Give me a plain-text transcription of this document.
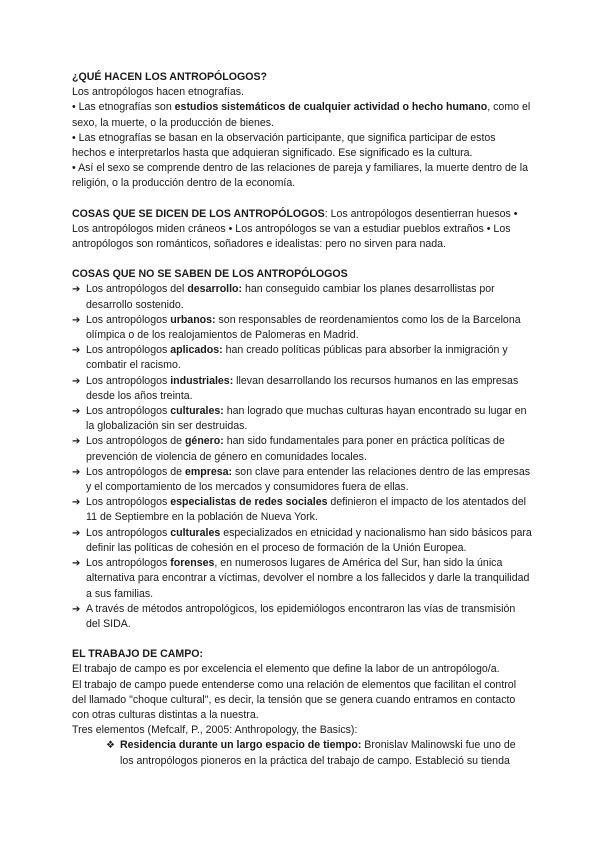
¿QUÉ HACEN LOS ANTROPÓLOGOS?

Los antropólogos hacen etnografías.

• Las etnografías son estudios sistemáticos de cualquier actividad o hecho humano, como el sexo, la muerte, o la producción de bienes.

• Las etnografías se basan en la observación participante, que significa participar de estos hechos e interpretarlos hasta que adquieran significado. Ese significado es la cultura.

• Así el sexo se comprende dentro de las relaciones de pareja y familiares, la muerte dentro de la religión, o la producción dentro de la economía.

COSAS QUE SE DICEN DE LOS ANTROPÓLOGOS: Los antropólogos desentierran huesos • Los antropólogos miden cráneos • Los antropólogos se van a estudiar pueblos extraños • Los antropólogos son románticos, soñadores e idealistas: pero no sirven para nada.

COSAS QUE NO SE SABEN DE LOS ANTROPÓLOGOS

➔ Los antropólogos del desarrollo: han conseguido cambiar los planes desarrollistas por desarrollo sostenido.
➔ Los antropólogos urbanos: son responsables de reordenamientos como los de la Barcelona olímpica o de los realojamientos de Palomeras en Madrid.
➔ Los antropólogos aplicados: han creado políticas públicas para absorber la inmigración y combatir el racismo.
➔ Los antropólogos industriales: llevan desarrollando los recursos humanos en las empresas desde los años treinta.
➔ Los antropólogos culturales: han logrado que muchas culturas hayan encontrado su lugar en la globalización sin ser destruidas.
➔ Los antropólogos de género: han sido fundamentales para poner en práctica políticas de prevención de violencia de género en comunidades locales.
➔ Los antropólogos de empresa: son clave para entender las relaciones dentro de las empresas y el comportamiento de los mercados y consumidores fuera de ellas.
➔ Los antropólogos especialistas de redes sociales definieron el impacto de los atentados del 11 de Septiembre en la población de Nueva York.
➔ Los antropólogos culturales especializados en etnicidad y nacionalismo han sido básicos para definir las políticas de cohesión en el proceso de formación de la Unión Europea.
➔ Los antropólogos forenses, en numerosos lugares de América del Sur, han sido la única alternativa para encontrar a víctimas, devolver el nombre a los fallecidos y darle la tranquilidad a sus familias.
➔ A través de métodos antropológicos, los epidemiólogos encontraron las vías de transmisión del SIDA.

EL TRABAJO DE CAMPO:

El trabajo de campo es por excelencia el elemento que define la labor de un antropólogo/a.

El trabajo de campo puede entenderse como una relación de elementos que facilitan el control del llamado "choque cultural", es decir, la tensión que se genera cuando entramos en contacto con otras culturas distintas a la nuestra.

Tres elementos (Mefcalf, P., 2005: Anthropology, the Basics):

❖ Residencia durante un largo espacio de tiempo: Bronislav Malinowski fue uno de los antropólogos pioneros en la práctica del trabajo de campo. Estableció su tienda
